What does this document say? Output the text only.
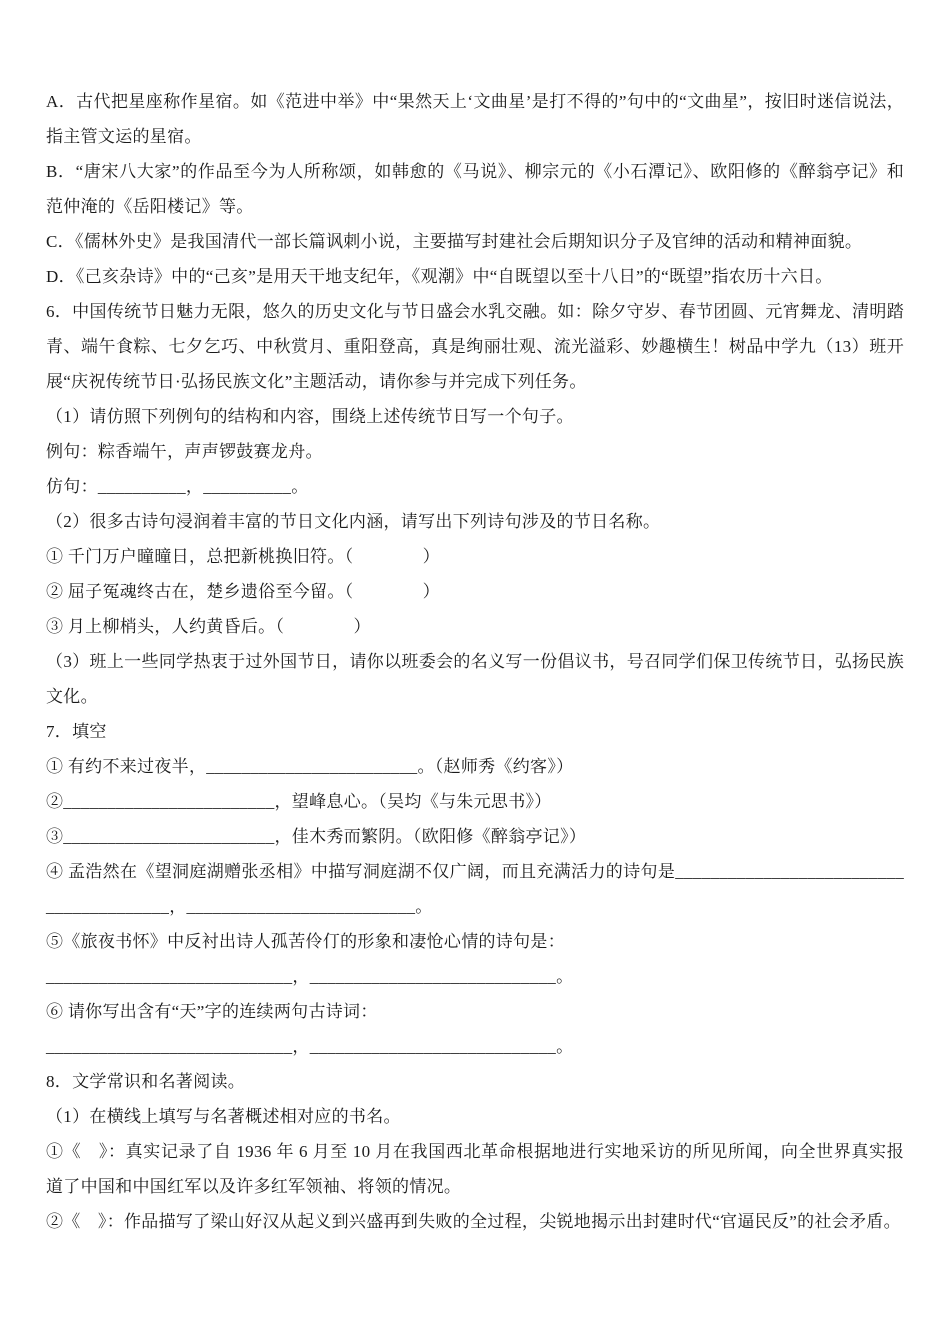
A．古代把星座称作星宿。如《范进中举》中“果然天上‘文曲星’是打不得的”句中的“文曲星”，按旧时迷信说法，指主管文运的星宿。

B．“唐宋八大家”的作品至今为人所称颂，如韩愈的《马说》、柳宗元的《小石潭记》、欧阳修的《醉翁亭记》和范仲淹的《岳阳楼记》等。

C．《儒林外史》是我国清代一部长篇讽刺小说，主要描写封建社会后期知识分子及官绅的活动和精神面貌。

D．《己亥杂诗》中的“己亥”是用天干地支纪年，《观潮》中“自既望以至十八日”的“既望”指农历十六日。

6．中国传统节日魅力无限，悠久的历史文化与节日盛会水乳交融。如：除夕守岁、春节团圆、元宵舞龙、清明踏青、端午食粽、七夕乞巧、中秋赏月、重阳登高，真是绚丽壮观、流光溢彩、妙趣横生！树品中学九（13）班开展“庆祝传统节日·弘扬民族文化”主题活动，请你参与并完成下列任务。

（1）请仿照下列例句的结构和内容，围绕上述传统节日写一个句子。

例句：粽香端午，声声锣鼓赛龙舟。

仿句：__________，__________。

（2）很多古诗句浸润着丰富的节日文化内涵，请写出下列诗句涉及的节日名称。

① 千门万户曈曈日，总把新桃换旧符。（　　　　）

② 屈子冤魂终古在，楚乡遗俗至今留。（　　　　）

③ 月上柳梢头，人约黄昏后。（　　　　）

（3）班上一些同学热衷于过外国节日，请你以班委会的名义写一份倡议书，号召同学们保卫传统节日，弘扬民族文化。

7．填空

① 有约不来过夜半，________________________。（赵师秀《约客》）

②________________________，望峰息心。（吴均《与朱元思书》）

③________________________，佳木秀而繁阴。（欧阳修《醉翁亭记》）

④ 孟浩然在《望洞庭湖赠张丞相》中描写洞庭湖不仅广阔，而且充满活力的诗句是________________________________________，__________________________。

⑤《旅夜书怀》中反衬出诗人孤苦伶仃的形象和凄怆心情的诗句是：

____________________________，____________________________。

⑥ 请你写出含有“天”字的连续两句古诗词：

____________________________，____________________________。

8．文学常识和名著阅读。

（1）在横线上填写与名著概述相对应的书名。

①《　》：真实记录了自 1936 年 6 月至 10 月在我国西北革命根据地进行实地采访的所见所闻，向全世界真实报道了中国和中国红军以及许多红军领袖、将领的情况。

②《　》：作品描写了梁山好汉从起义到兴盛再到失败的全过程，尖锐地揭示出封建时代“官逼民反”的社会矛盾。
